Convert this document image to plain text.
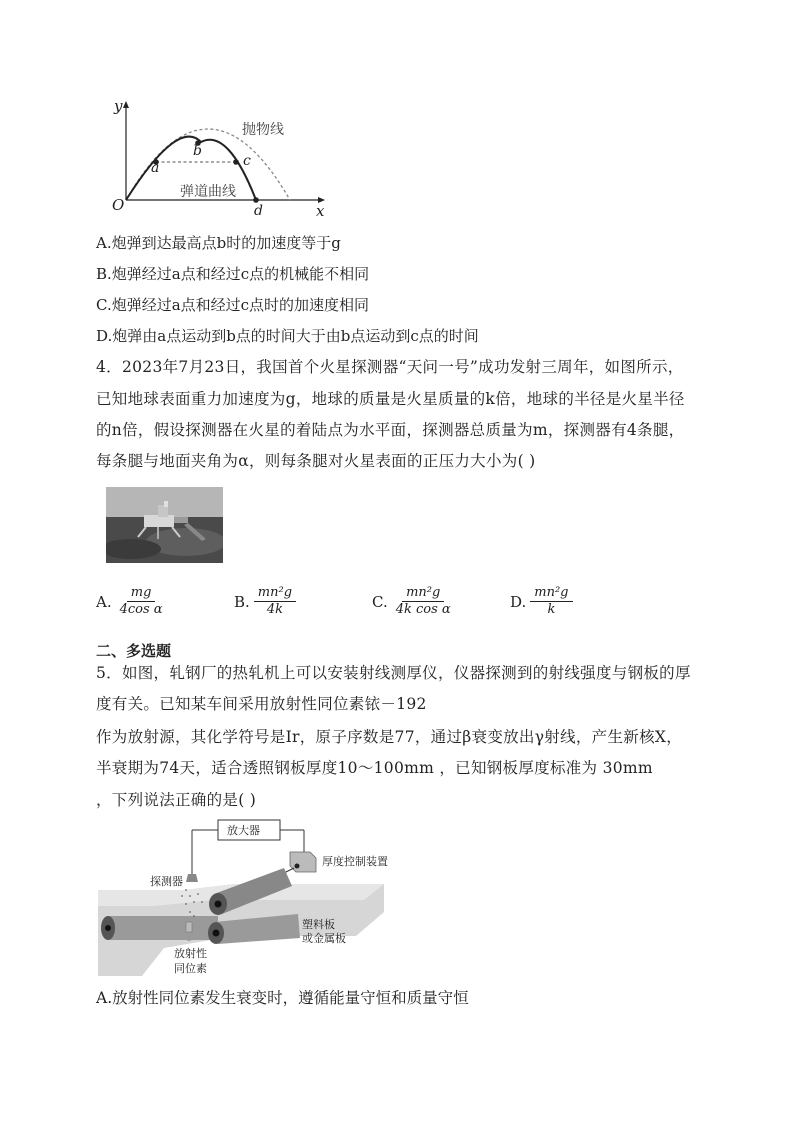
y
x
O
抛物线
弹道曲线
a
b
c
d
A.炮弹到达最高点b时的加速度等于g
B.炮弹经过a点和经过c点的机械能不相同
C.炮弹经过a点和经过c点时的加速度相同
D.炮弹由a点运动到b点的时间大于由b点运动到c点的时间
4．2023年7月23日，我国首个火星探测器“天问一号”成功发射三周年，如图所示，
已知地球表面重力加速度为g，地球的质量是火星质量的k倍，地球的半径是火星半径
的n倍，假设探测器在火星的着陆点为水平面，探测器总质量为m，探测器有4条腿，
每条腿与地面夹角为α，则每条腿对火星表面的正压力大小为( )
A. $\frac{mg}{\text{4cos α}}$	B. $\frac{\text{mn²g}}{4k}$	C. $\frac{\text{mn²g}}{\text{4k cos α}}$	D. $\frac{\text{mn²g}}{k}$
二、多选题
5．如图，轧钢厂的热轧机上可以安装射线测厚仪，仪器探测到的射线强度与钢板的厚
度有关。已知某车间采用放射性同位素铱－192
作为放射源，其化学符号是Ir，原子序数是77，通过β衰变放出γ射线，产生新核X，
半衰期为74天，适合透照钢板厚度10～100mm ，已知钢板厚度标准为 30mm
，下列说法正确的是( )
放大器
厚度控制装置
探测器
塑料板
或金属板
放射性
同位素
A.放射性同位素发生衰变时，遵循能量守恒和质量守恒
